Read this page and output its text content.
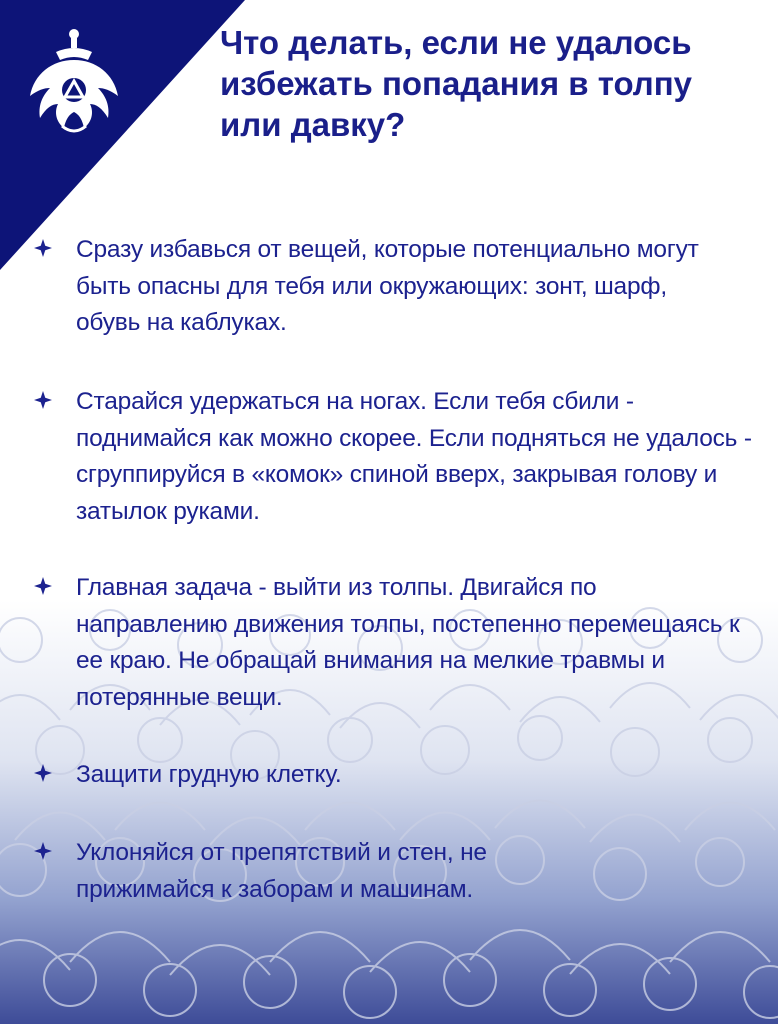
Что делать, если не удалось избежать попадания в толпу или давку?
Сразу избавься от вещей, которые потенциально могут быть опасны для тебя или окружающих: зонт, шарф, обувь на каблуках.
Старайся удержаться на ногах. Если тебя сбили - поднимайся как можно скорее. Если подняться не удалось - сгруппируйся в «комок» спиной вверх, закрывая голову и затылок руками.
Главная задача - выйти из толпы. Двигайся по направлению движения толпы, постепенно перемещаясь к ее краю. Не обращай внимания на мелкие травмы и потерянные вещи.
Защити грудную клетку.
Уклоняйся от препятствий и стен, не прижимайся к заборам и машинам.
